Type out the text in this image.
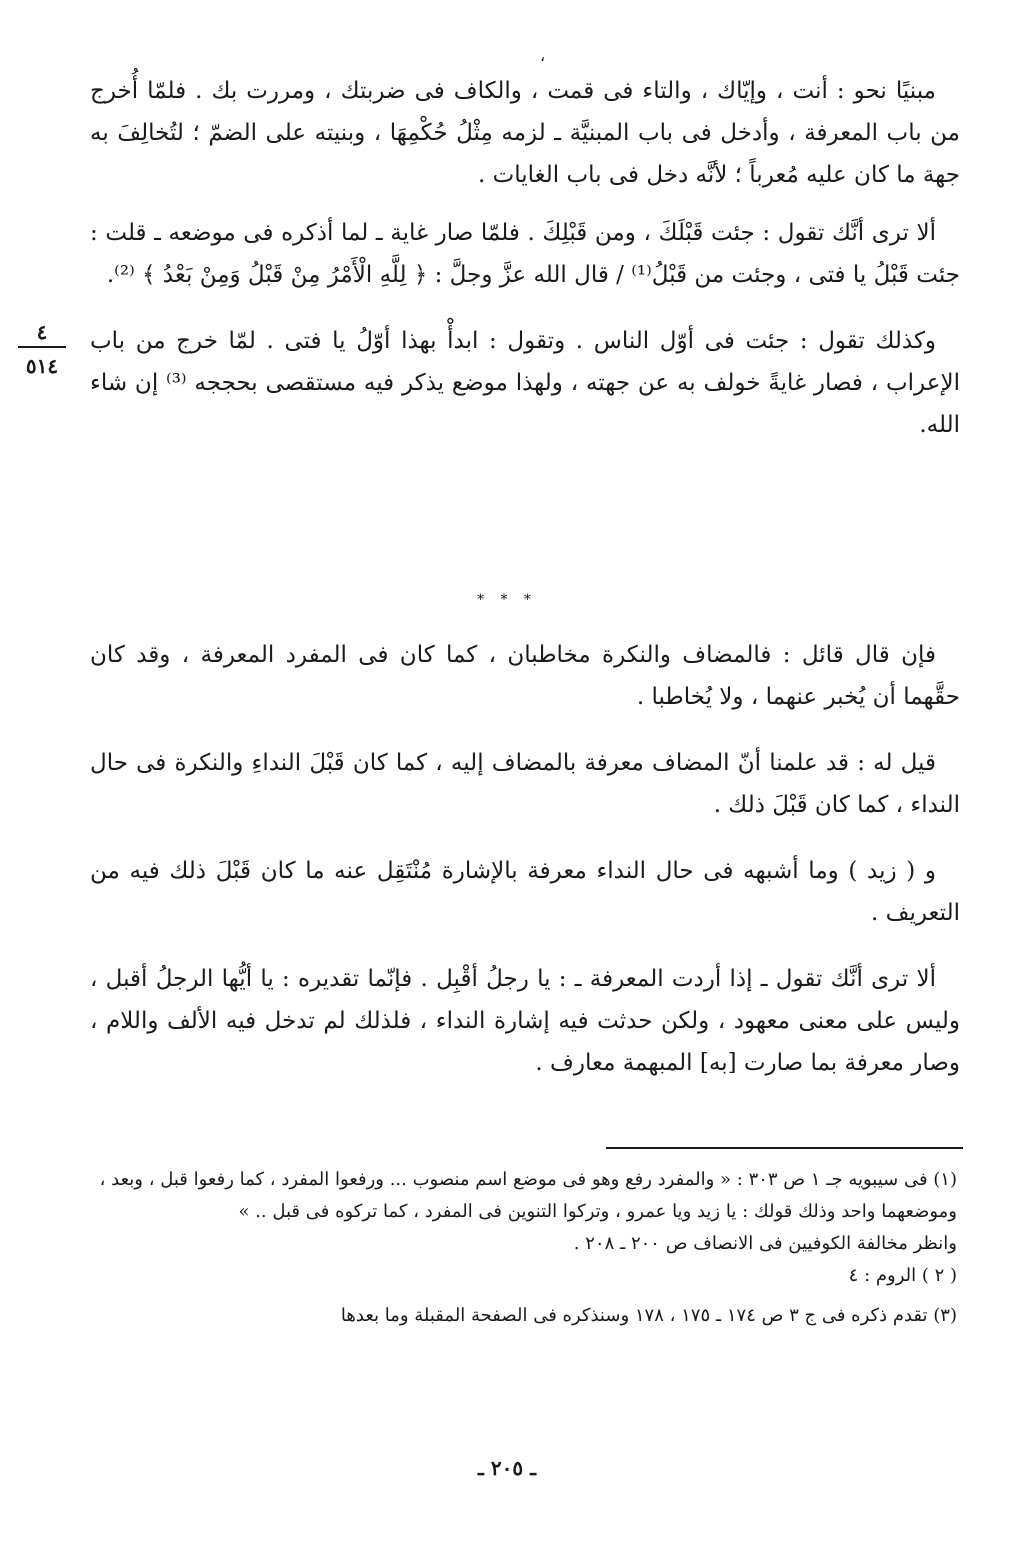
،

مبنيًا نحو : أنت ، وإيّاك ، والتاء فى قمت ، والكاف فى ضربتك ، ومررت بك . فلمّا أُخرج من باب المعرفة ، وأدخل فى باب المبنيَّة ـ لزمه مِثْلُ حُكْمِهَا ، وبنيته على الضمّ ؛ لتُخالِفَ به جهة ما كان عليه مُعرباً ؛ لأنَّه دخل فى باب الغايات .

ألا ترى أنَّك تقول : جئت قَبْلَكَ ، ومن قَبْلِكَ . فلمّا صار غاية ـ لما أذكره فى موضعه ـ قلت : جئت قَبْلُ يا فتى ، وجئت من قَبْلُ⁽¹⁾ / قال الله عزَّ وجلَّ : ﴿ لِلَّهِ الْأَمْرُ مِنْ قَبْلُ وَمِنْ بَعْدُ ﴾ ⁽²⁾.

وكذلك تقول : جئت فى أوّل الناس . وتقول : ابدأْ بهذا أوّلُ يا فتى . لمّا خرج من باب الإعراب ، فصار غايةً خولف به عن جهته ، ولهذا موضع يذكر فيه مستقصى بحججه ⁽³⁾ إن شاء الله.

٤
٥١٤
* * *

فإن قال قائل : فالمضاف والنكرة مخاطبان ، كما كان فى المفرد المعرفة ، وقد كان حقَّهما أن يُخبر عنهما ، ولا يُخاطبا .

قيل له : قد علمنا أنّ المضاف معرفة بالمضاف إليه ، كما كان قَبْلَ النداءِ والنكرة فى حال النداء ، كما كان قَبْلَ ذلك .

و ( زيد ) وما أشبهه فى حال النداء معرفة بالإشارة مُنْتَقِل عنه ما كان قَبْلَ ذلك فيه من التعريف .

ألا ترى أنَّك تقول ـ إذا أردت المعرفة ـ : يا رجلُ أقْبِل . فإنّما تقديره : يا أيُّها الرجلُ أقبل ، وليس على معنى معهود ، ولكن حدثت فيه إشارة النداء ، فلذلك لم تدخل فيه الألف واللام ، وصار معرفة بما صارت [به] المبهمة معارف .

(١) فى سيبويه جـ ١ ص ٣٠٣ : « والمفرد رفع وهو فى موضع اسم منصوب ... ورفعوا المفرد ، كما رفعوا قبل ، وبعد ، وموضعهما واحد وذلك قولك : يا زيد ويا عمرو ، وتركوا التنوين فى المفرد ، كما تركوه فى قبل .. »

وانظر مخالفة الكوفيين فى الانصاف ص ٢٠٠ ـ ٢٠٨ .

( ٢ ) الروم : ٤

(٣) تقدم ذكره فى ج ٣ ص ١٧٤ ـ ١٧٥ ، ١٧٨ وسنذكره فى الصفحة المقبلة وما بعدها

ـ ٢٠٥ ـ
